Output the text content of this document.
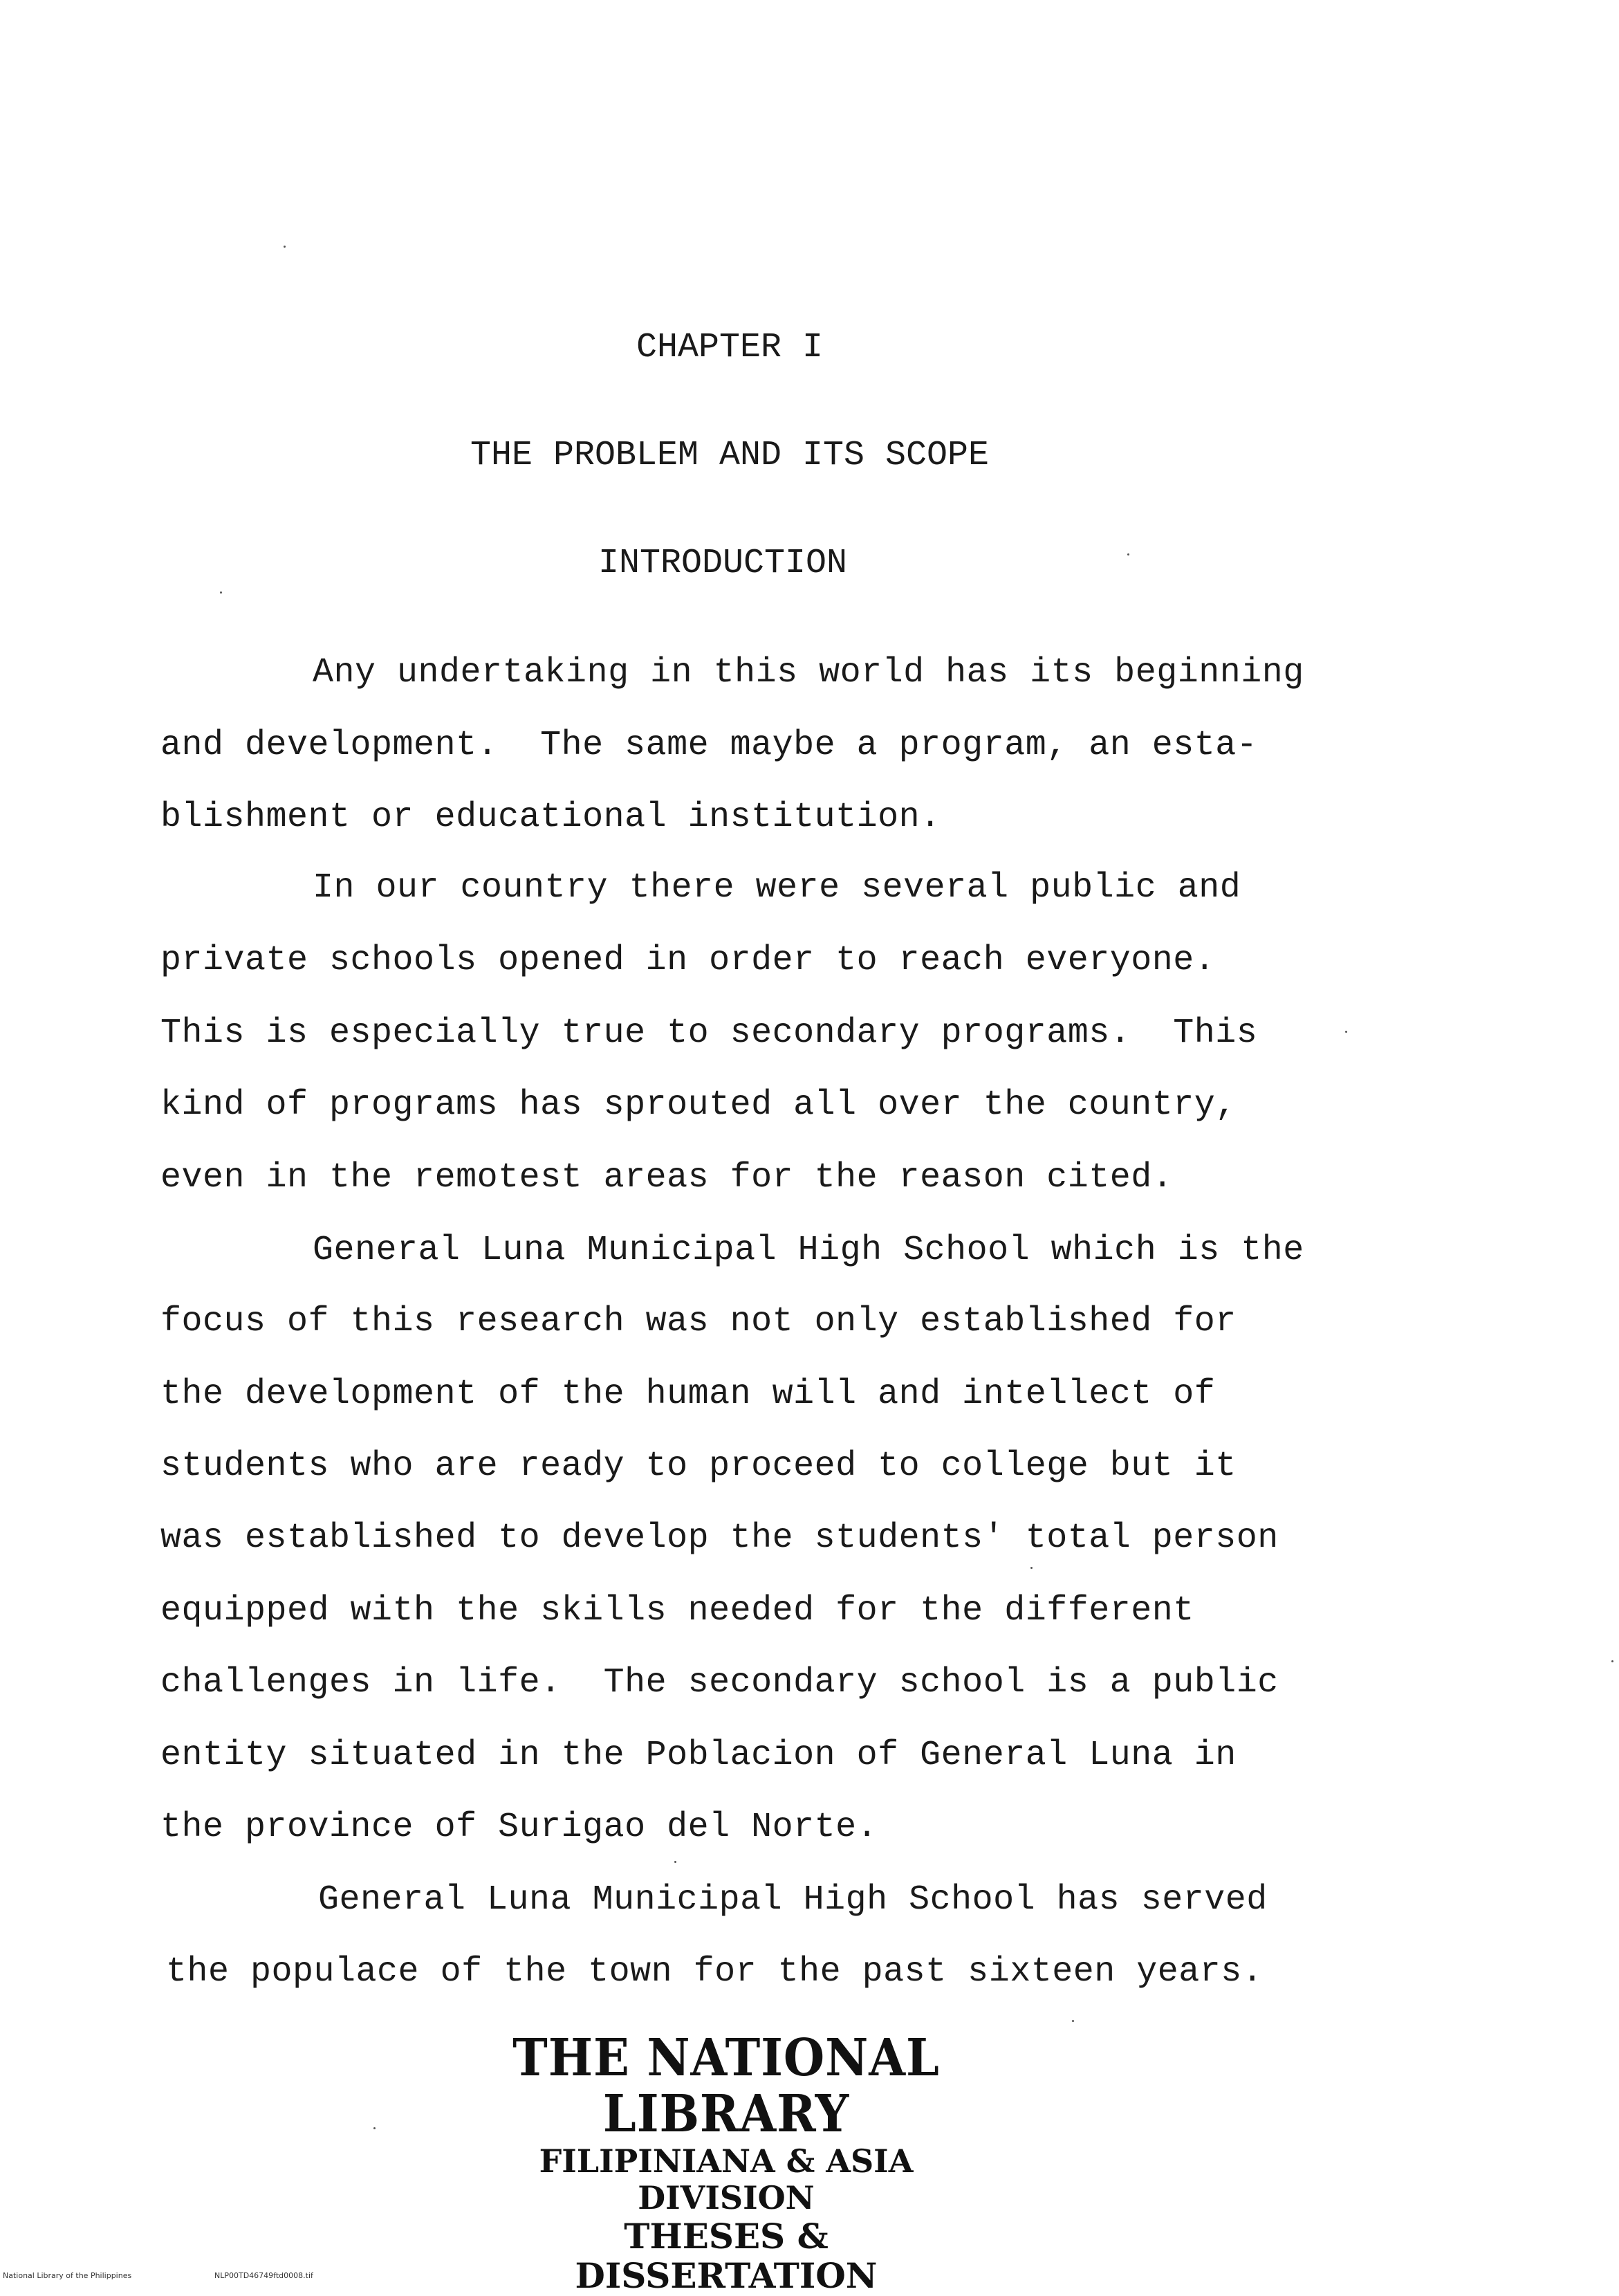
CHAPTER I
THE PROBLEM AND ITS SCOPE
INTRODUCTION
Any undertaking in this world has its beginning
and development.  The same maybe a program, an esta-
blishment or educational institution.
In our country there were several public and
private schools opened in order to reach everyone.
This is especially true to secondary programs.  This
kind of programs has sprouted all over the country,
even in the remotest areas for the reason cited.
General Luna Municipal High School which is the
focus of this research was not only established for
the development of the human will and intellect of
students who are ready to proceed to college but it
was established to develop the students' total person
equipped with the skills needed for the different
challenges in life.  The secondary school is a public
entity situated in the Poblacion of General Luna in
the province of Surigao del Norte.
General Luna Municipal High School has served
the populace of the town for the past sixteen years.
THE NATIONAL LIBRARY
FILIPINIANA & ASIA DIVISION
THESES & DISSERTATION
National Library of the Philippines	NLP00TD46749ftd0008.tif
